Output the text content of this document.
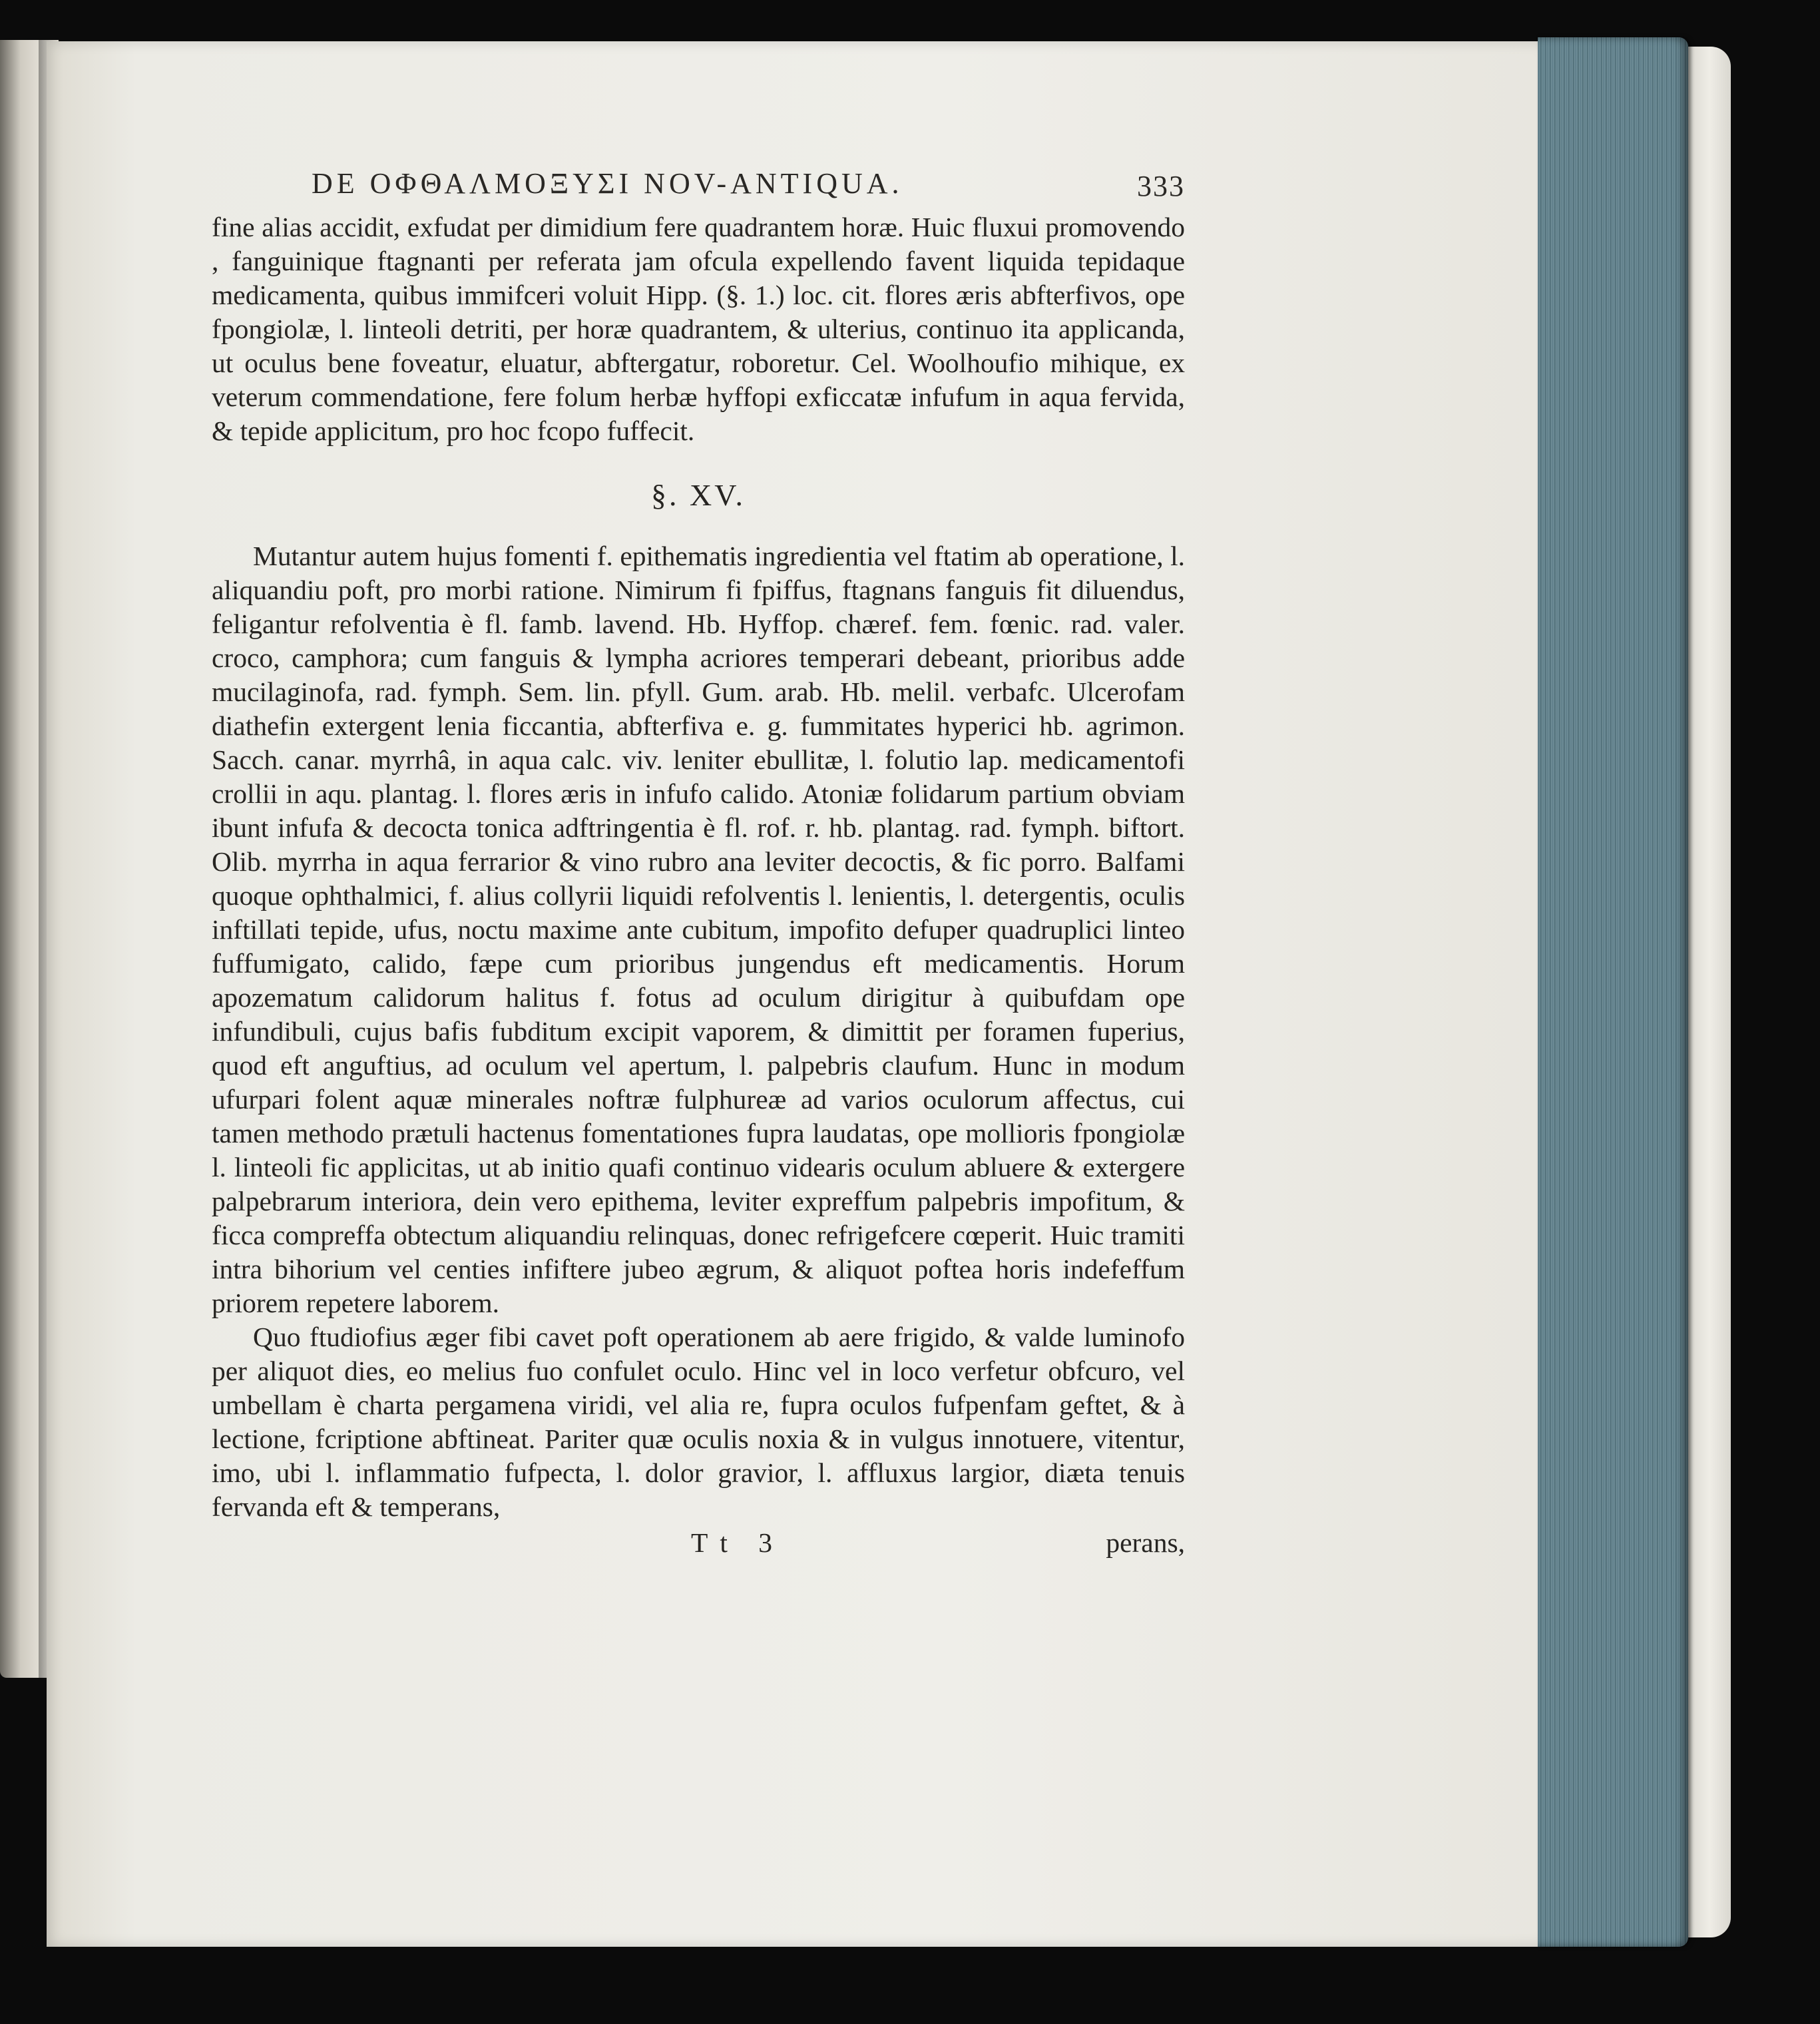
DE ΟΦΘΑΛΜΟΞΥΣΙ NOV-ANTIQUA.	333

fine alias accidit, exfudat per dimidium fere quadrantem horæ. Huic fluxui promovendo , fanguinique ftagnanti per referata jam ofcula expellendo favent liquida tepidaque medicamenta, quibus immifceri voluit Hipp. (§. 1.) loc. cit. flores æris abfterfivos, ope fpongiolæ, l. linteoli detriti, per horæ quadrantem, & ulterius, continuo ita applicanda, ut oculus bene foveatur, eluatur, abftergatur, roboretur. Cel. Woolhoufio mihique, ex veterum commendatione, fere folum herbæ hyffopi exficcatæ infufum in aqua fervida, & tepide applicitum, pro hoc fcopo fuffecit.

§. XV.

Mutantur autem hujus fomenti f. epithematis ingredientia vel ftatim ab operatione, l. aliquandiu poft, pro morbi ratione. Nimirum fi fpiffus, ftagnans fanguis fit diluendus, feligantur refolventia è fl. famb. lavend. Hb. Hyffop. chæref. fem. fœnic. rad. valer. croco, camphora; cum fanguis & lympha acriores temperari debeant, prioribus adde mucilaginofa, rad. fymph. Sem. lin. pfyll. Gum. arab. Hb. melil. verbafc. Ulcerofam diathefin extergent lenia ficcantia, abfterfiva e. g. fummitates hyperici hb. agrimon. Sacch. canar. myrrhâ, in aqua calc. viv. leniter ebullitæ, l. folutio lap. medicamentofi crollii in aqu. plantag. l. flores æris in infufo calido. Atoniæ folidarum partium obviam ibunt infufa & decocta tonica adftringentia è fl. rof. r. hb. plantag. rad. fymph. biftort. Olib. myrrha in aqua ferrarior & vino rubro ana leviter decoctis, & fic porro. Balfami quoque ophthalmici, f. alius collyrii liquidi refolventis l. lenientis, l. detergentis, oculis inftillati tepide, ufus, noctu maxime ante cubitum, impofito defuper quadruplici linteo fuffumigato, calido, fæpe cum prioribus jungendus eft medicamentis. Horum apozematum calidorum halitus f. fotus ad oculum dirigitur à quibufdam ope infundibuli, cujus bafis fubditum excipit vaporem, & dimittit per foramen fuperius, quod eft anguftius, ad oculum vel apertum, l. palpebris claufum. Hunc in modum ufurpari folent aquæ minerales noftræ fulphureæ ad varios oculorum affectus, cui tamen methodo prætuli hactenus fomentationes fupra laudatas, ope mollioris fpongiolæ l. linteoli fic applicitas, ut ab initio quafi continuo videaris oculum abluere & extergere palpebrarum interiora, dein vero epithema, leviter expreffum palpebris impofitum, & ficca compreffa obtectum aliquandiu relinquas, donec refrigefcere cœperit. Huic tramiti intra bihorium vel centies infiftere jubeo ægrum, & aliquot poftea horis indefeffum priorem repetere laborem.

Quo ftudiofius æger fibi cavet poft operationem ab aere frigido, & valde luminofo per aliquot dies, eo melius fuo confulet oculo. Hinc vel in loco verfetur obfcuro, vel umbellam è charta pergamena viridi, vel alia re, fupra oculos fufpenfam geftet, & à lectione, fcriptione abftineat. Pariter quæ oculis noxia & in vulgus innotuere, vitentur, imo, ubi l. inflammatio fufpecta, l. dolor gravior, l. affluxus largior, diæta tenuis fervanda eft & temperans,

Tt 3	perans,
